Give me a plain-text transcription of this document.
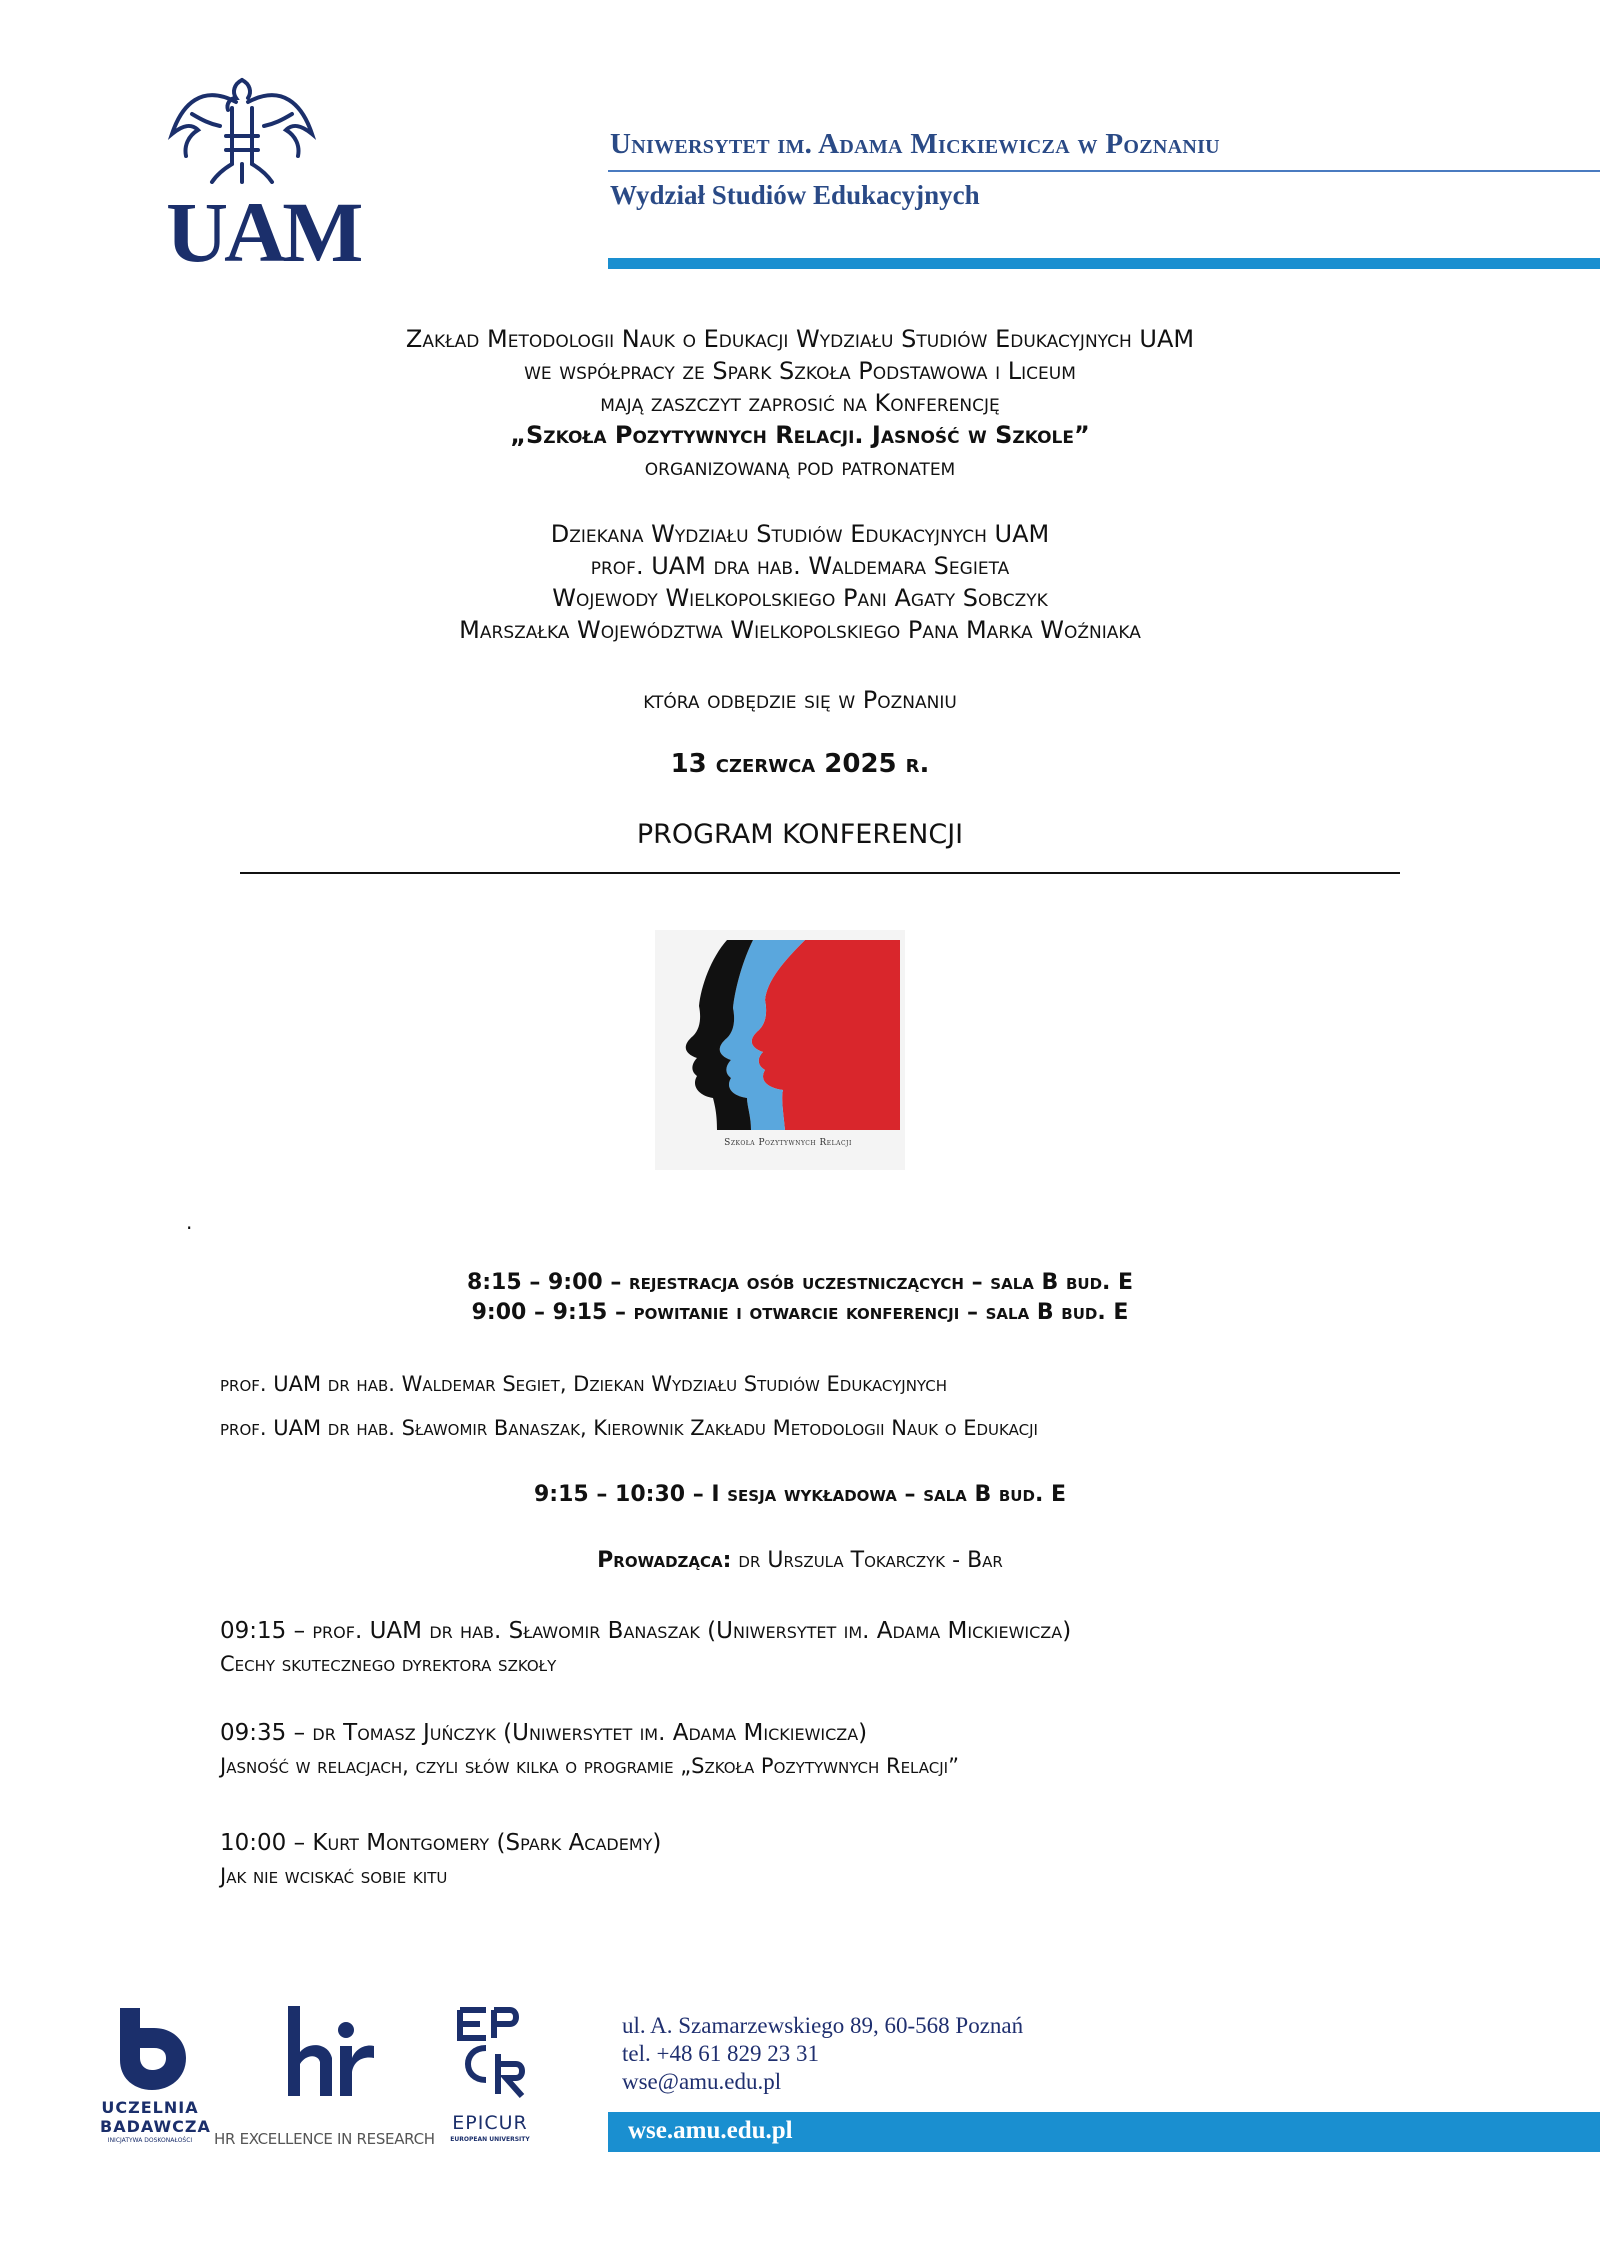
UAM
Uniwersytet im. Adama Mickiewicza w Poznaniu
Wydział Studiów Edukacyjnych
Zakład Metodologii Nauk o Edukacji Wydziału Studiów Edukacyjnych UAM
we współpracy ze Spark Szkoła Podstawowa i Liceum
mają zaszczyt zaprosić na Konferencję
„Szkoła Pozytywnych Relacji. Jasność w Szkole”
organizowaną pod patronatem
Dziekana Wydziału Studiów Edukacyjnych UAM
prof. UAM dra hab. Waldemara Segieta
Wojewody Wielkopolskiego Pani Agaty Sobczyk
Marszałka Województwa Wielkopolskiego Pana Marka Woźniaka
która odbędzie się w Poznaniu
13 czerwca 2025 r.
PROGRAM KONFERENCJI
Szkoła Pozytywnych Relacji
.
8:15 – 9:00 – rejestracja osób uczestniczących – sala B bud. E
9:00 – 9:15 – powitanie i otwarcie konferencji – sala B bud. E
prof. UAM dr hab. Waldemar Segiet, Dziekan Wydziału Studiów Edukacyjnych
prof. UAM dr hab. Sławomir Banaszak, Kierownik Zakładu Metodologii Nauk o Edukacji
9:15 – 10:30 – I sesja wykładowa – sala B bud. E
Prowadząca: dr Urszula Tokarczyk - Bar
09:15 – prof. UAM dr hab. Sławomir Banaszak (Uniwersytet im. Adama Mickiewicza)
Cechy skutecznego dyrektora szkoły
09:35 – dr Tomasz Juńczyk (Uniwersytet im. Adama Mickiewicza)
Jasność w relacjach, czyli słów kilka o programie „Szkoła Pozytywnych Relacji”
10:00 – Kurt Montgomery (Spark Academy)
Jak nie wciskać sobie kitu
UCZELNIA
BADAWCZA
INICJATYWA DOSKONAŁOŚCI	HR EXCELLENCE IN RESEARCH
EPICUR
EUROPEAN UNIVERSITY
ul. A. Szamarzewskiego 89, 60-568 Poznań
tel. +48 61 829 23 31
wse@amu.edu.pl
wse.amu.edu.pl
